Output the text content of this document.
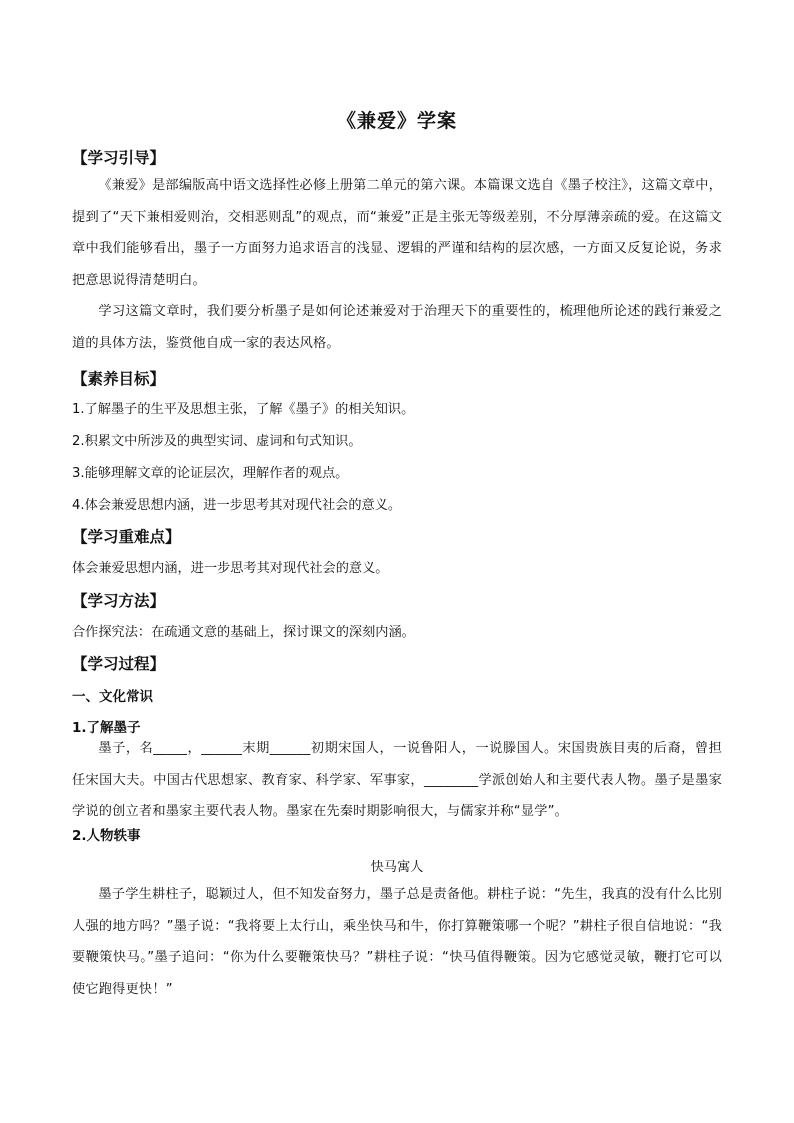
《兼爱》学案
【学习引导】
《兼爱》是部编版高中语文选择性必修上册第二单元的第六课。本篇课文选自《墨子校注》，这篇文章中，提到了“天下兼相爱则治，交相恶则乱”的观点，而“兼爱”正是主张无等级差别，不分厚薄亲疏的爱。在这篇文章中我们能够看出，墨子一方面努力追求语言的浅显、逻辑的严谨和结构的层次感，一方面又反复论说，务求把意思说得清楚明白。
学习这篇文章时，我们要分析墨子是如何论述兼爱对于治理天下的重要性的，梳理他所论述的践行兼爱之道的具体方法，鉴赏他自成一家的表达风格。
【素养目标】
1.了解墨子的生平及思想主张，了解《墨子》的相关知识。
2.积累文中所涉及的典型实词、虚词和句式知识。
3.能够理解文章的论证层次，理解作者的观点。
4.体会兼爱思想内涵，进一步思考其对现代社会的意义。
【学习重难点】
体会兼爱思想内涵，进一步思考其对现代社会的意义。
【学习方法】
合作探究法：在疏通文意的基础上，探讨课文的深刻内涵。
【学习过程】
一、文化常识
1.了解墨子
墨子，名_____，______末期______初期宋国人，一说鲁阳人，一说滕国人。宋国贵族目夷的后裔，曾担任宋国大夫。中国古代思想家、教育家、科学家、军事家，________学派创始人和主要代表人物。墨子是墨家学说的创立者和墨家主要代表人物。墨家在先秦时期影响很大，与儒家并称“显学”。
2.人物轶事
快马寓人
墨子学生耕柱子，聪颖过人，但不知发奋努力，墨子总是责备他。耕柱子说：“先生，我真的没有什么比别人强的地方吗？”墨子说：“我将要上太行山，乘坐快马和牛，你打算鞭策哪一个呢？”耕柱子很自信地说：“我要鞭策快马。”墨子追问：“你为什么要鞭策快马？”耕柱子说：“快马值得鞭策。因为它感觉灵敏，鞭打它可以使它跑得更快！”
